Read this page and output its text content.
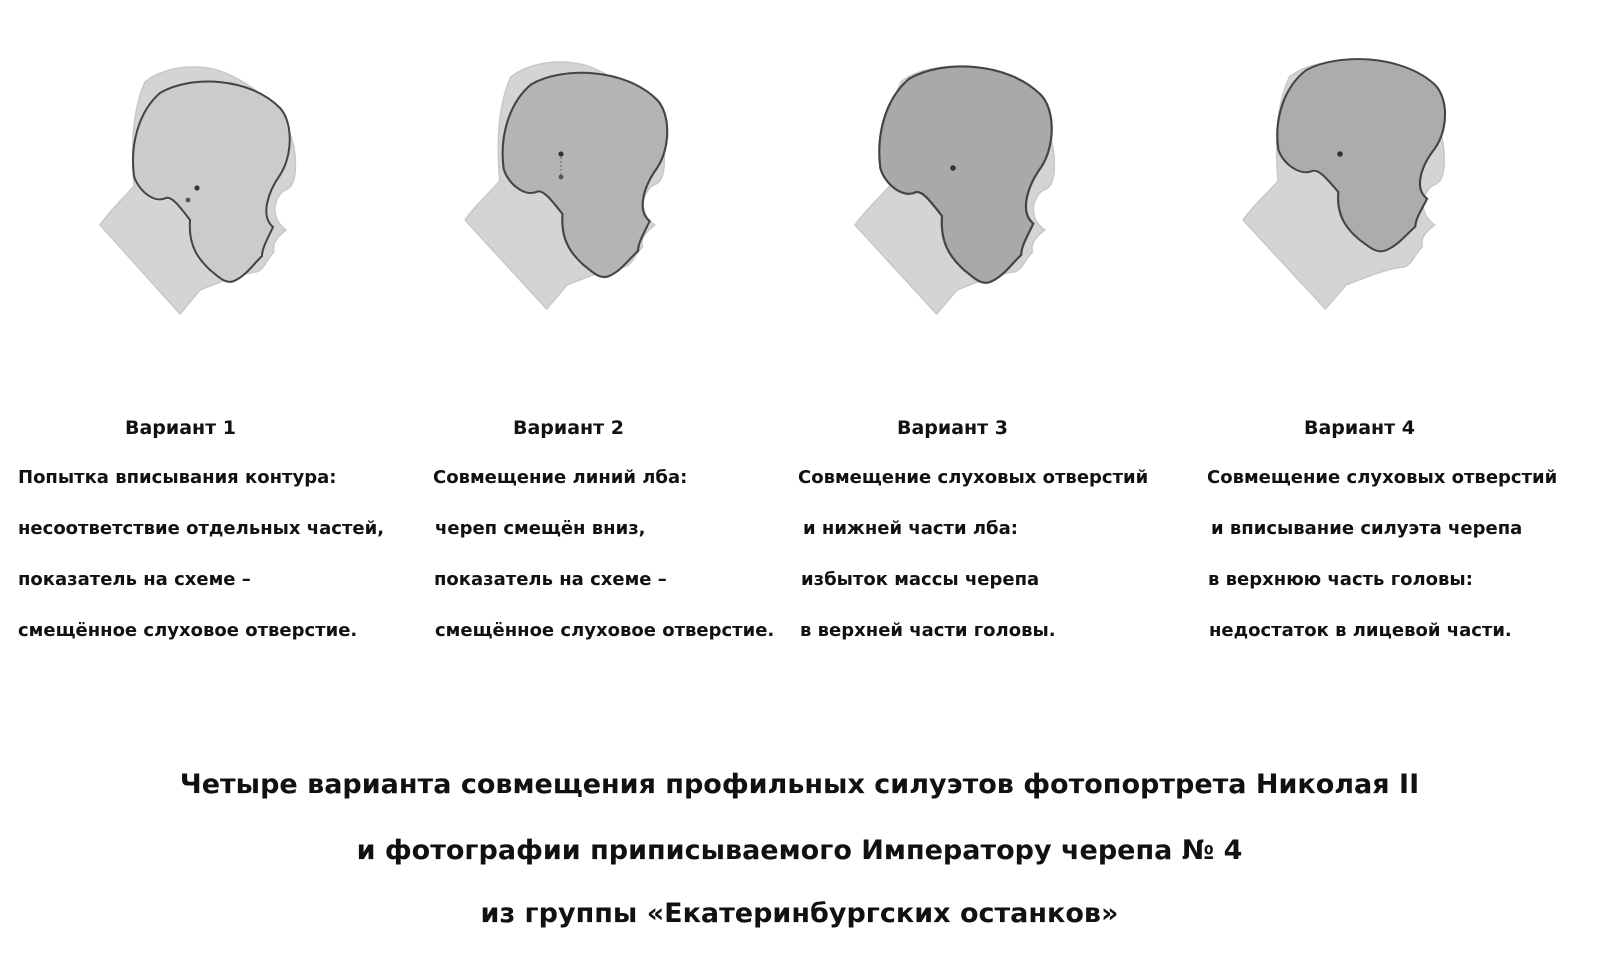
Вариант 1
Попытка вписывания контура:
несоответствие отдельных частей,
показатель на схеме –
смещённое слуховое отверстие.
Вариант 2
Совмещение линий лба:
череп смещён вниз,
показатель на схеме –
смещённое слуховое отверстие.
Вариант 3
Совмещение слуховых отверстий
и нижней части лба:
избыток массы черепа
в верхней части головы.
Вариант 4
Совмещение слуховых отверстий
и вписывание силуэта черепа
в верхнюю часть головы:
недостаток в лицевой части.
Четыре варианта совмещения профильных силуэтов фотопортрета Николая II
и фотографии приписываемого Императору черепа № 4
из группы «Екатеринбургских останков»
